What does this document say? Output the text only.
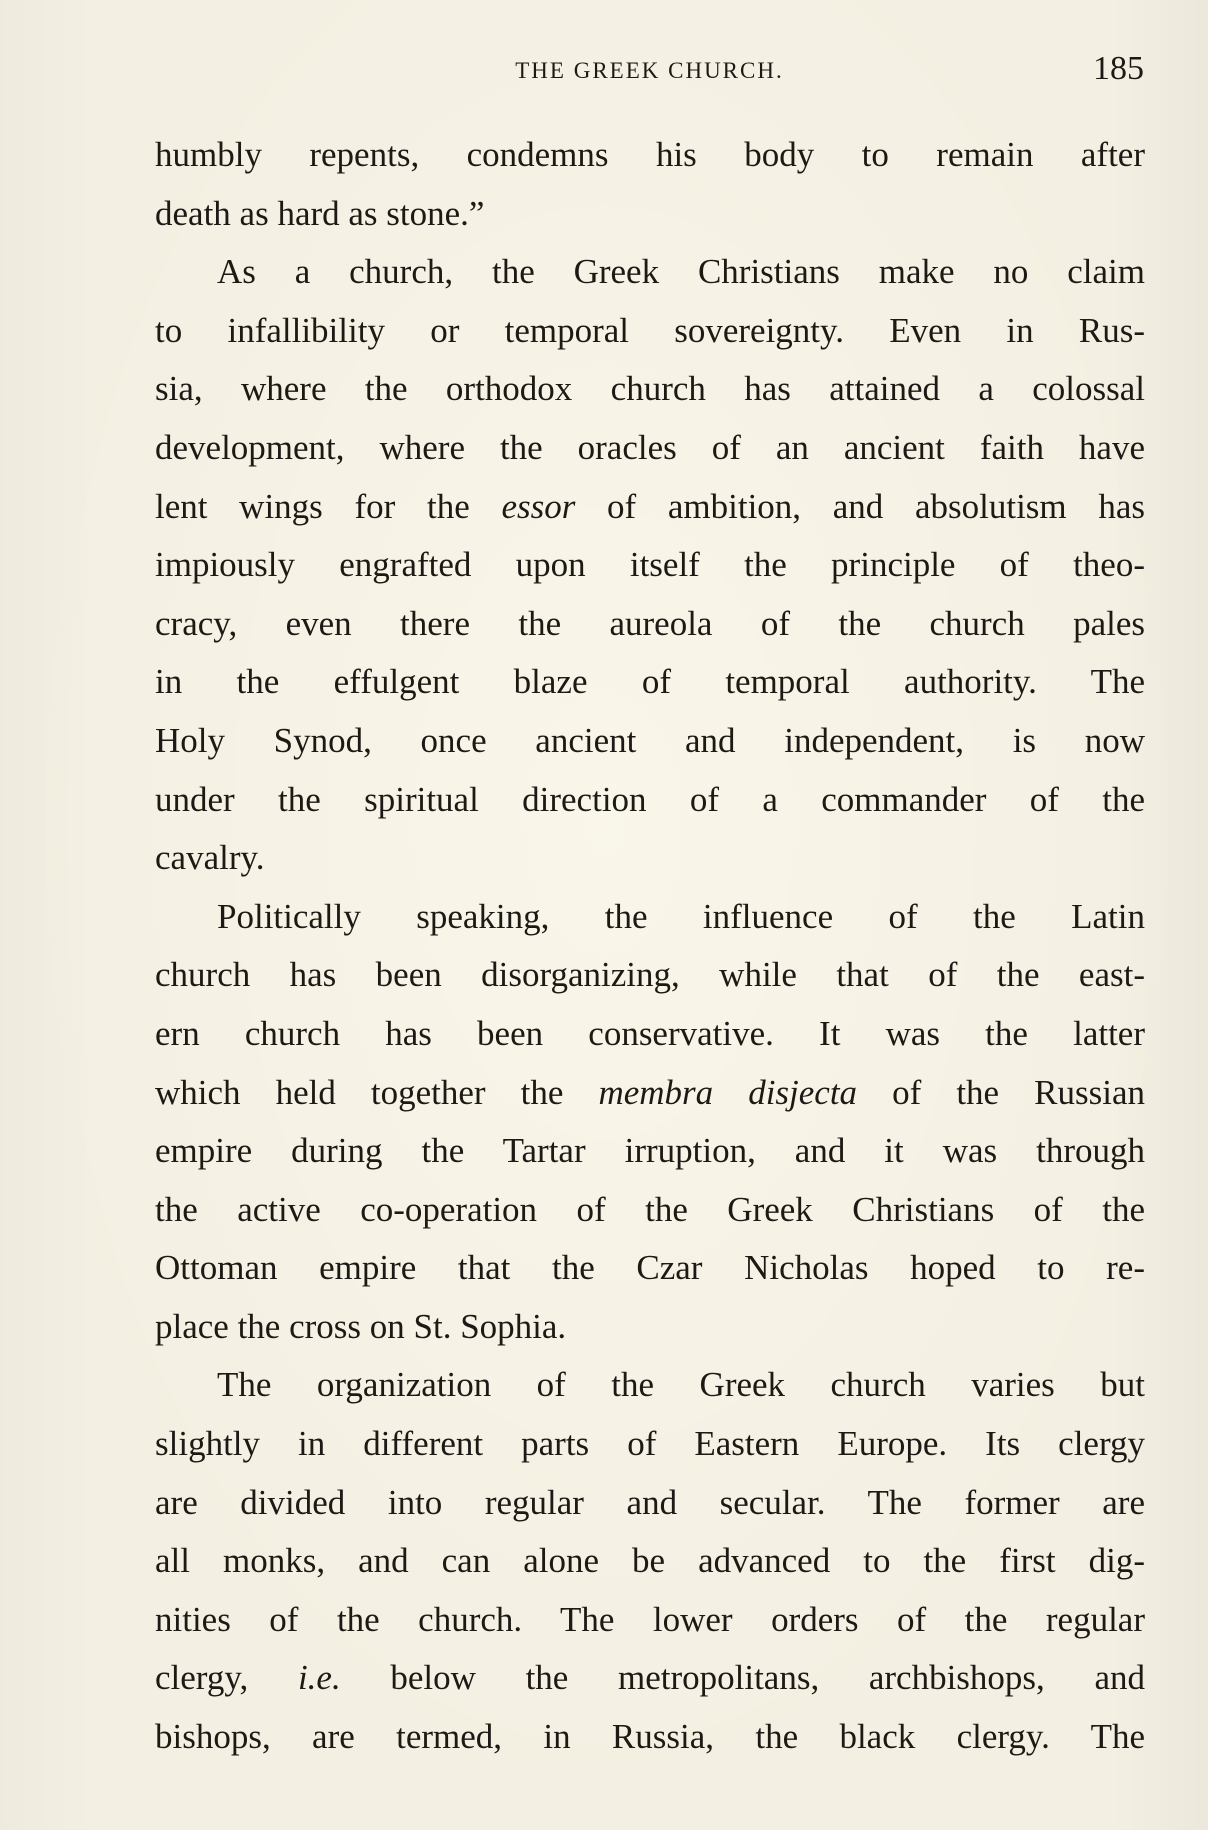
THE GREEK CHURCH.	185
humbly repents, condemns his body to remain after
death as hard as stone.”
As a church, the Greek Christians make no claim
to infallibility or temporal sovereignty. Even in Rus-
sia, where the orthodox church has attained a colossal
development, where the oracles of an ancient faith have
lent wings for the essor of ambition, and absolutism has
impiously engrafted upon itself the principle of theo-
cracy, even there the aureola of the church pales
in the effulgent blaze of temporal authority. The
Holy Synod, once ancient and independent, is now
under the spiritual direction of a commander of the
cavalry.
Politically speaking, the influence of the Latin
church has been disorganizing, while that of the east-
ern church has been conservative. It was the latter
which held together the membra disjecta of the Russian
empire during the Tartar irruption, and it was through
the active co-operation of the Greek Christians of the
Ottoman empire that the Czar Nicholas hoped to re-
place the cross on St. Sophia.
The organization of the Greek church varies but
slightly in different parts of Eastern Europe. Its clergy
are divided into regular and secular. The former are
all monks, and can alone be advanced to the first dig-
nities of the church. The lower orders of the regular
clergy, i.e. below the metropolitans, archbishops, and
bishops, are termed, in Russia, the black clergy. The
